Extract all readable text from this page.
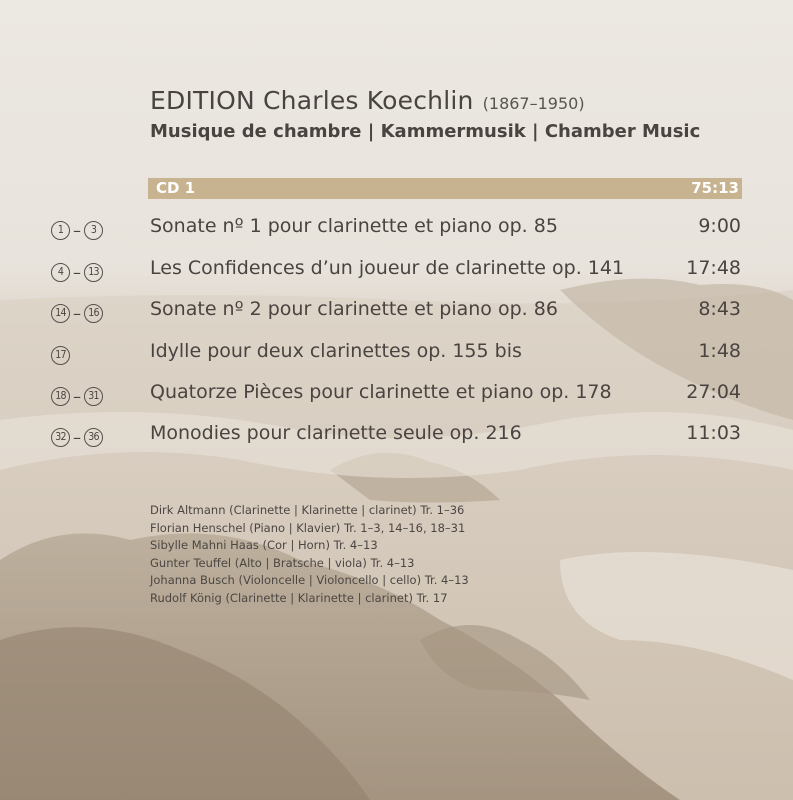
EDITION Charles Koechlin (1867–1950)
Musique de chambre | Kammermusik | Chamber Music
CD 1	75:13
1 – 3	Sonate nº 1 pour clarinette et piano op. 85	9:00
4 – 13	Les Confidences d’un joueur de clarinette op. 141	17:48
14 – 16	Sonate nº 2 pour clarinette et piano op. 86	8:43
17	Idylle pour deux clarinettes op. 155 bis	1:48
18 – 31	Quatorze Pièces pour clarinette et piano op. 178	27:04
32 – 36	Monodies pour clarinette seule op. 216	11:03
Dirk Altmann (Clarinette | Klarinette | clarinet) Tr. 1–36
Florian Henschel (Piano | Klavier) Tr. 1–3, 14–16, 18–31
Sibylle Mahni Haas (Cor | Horn) Tr. 4–13
Gunter Teuffel (Alto | Bratsche | viola) Tr. 4–13
Johanna Busch (Violoncelle | Violoncello | cello) Tr. 4–13
Rudolf König (Clarinette | Klarinette | clarinet) Tr. 17
